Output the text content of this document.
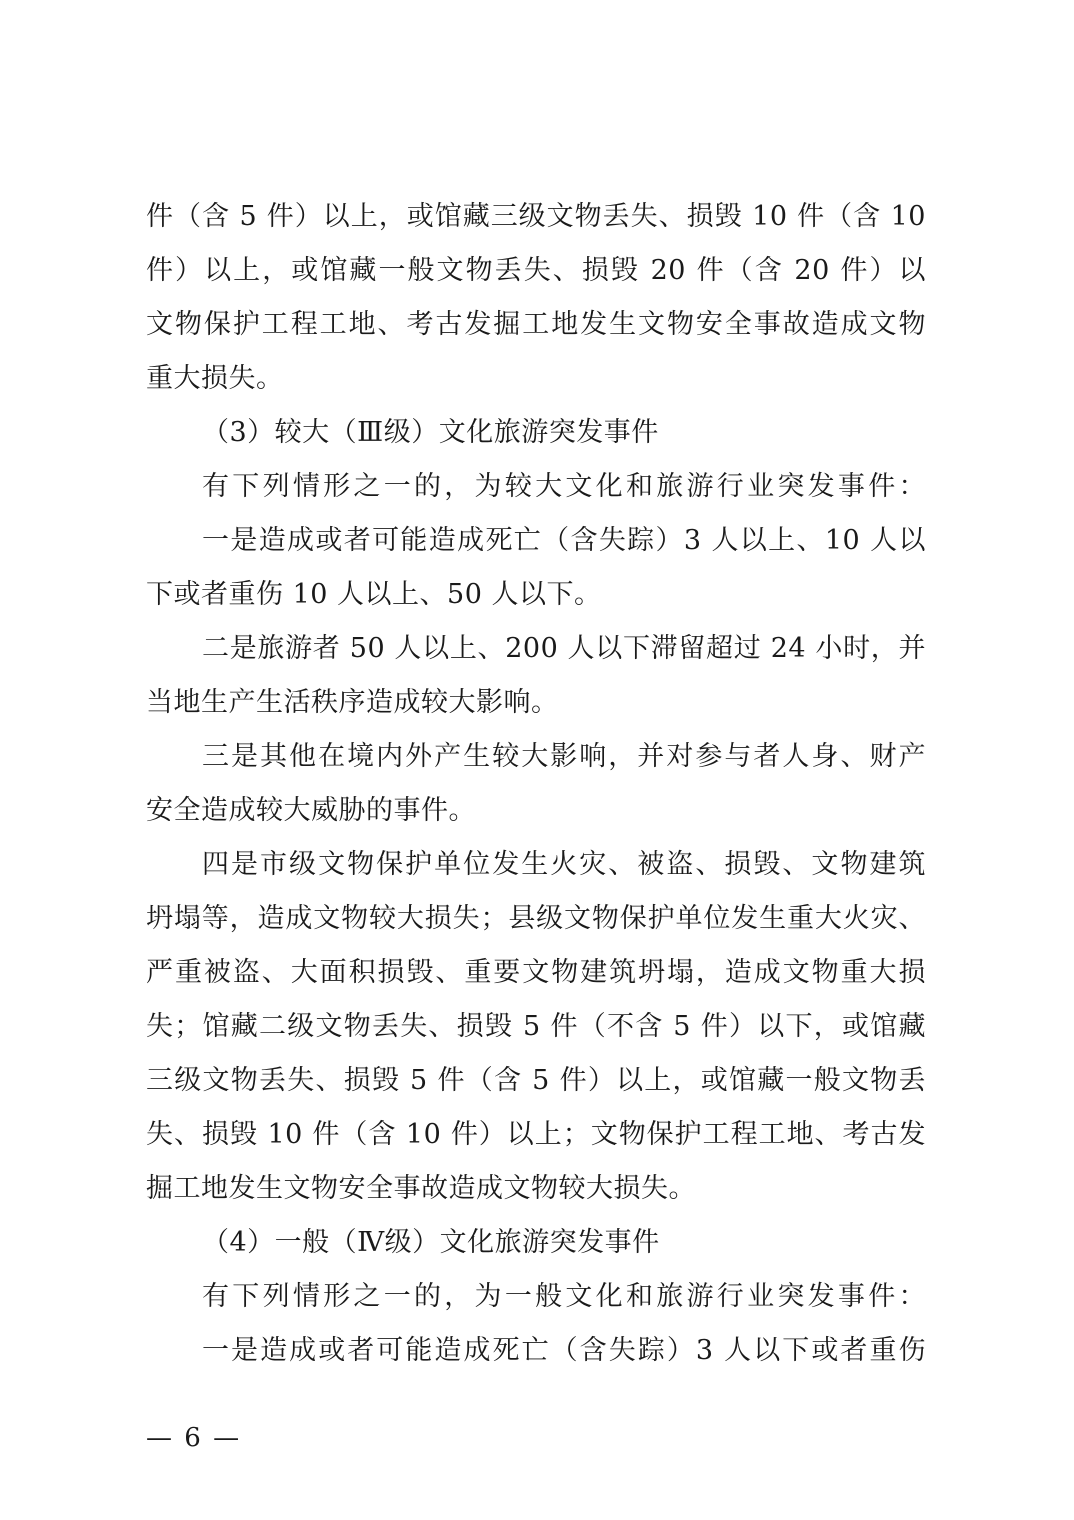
件（含 5 件）以上，或馆藏三级文物丢失、损毁 10 件（含 10
件）以上，或馆藏一般文物丢失、损毁 20 件（含 20 件）以
文物保护工程工地、考古发掘工地发生文物安全事故造成文物
重大损失。
（3）较大（Ⅲ级）文化旅游突发事件
有下列情形之一的，为较大文化和旅游行业突发事件：
一是造成或者可能造成死亡（含失踪）3 人以上、10 人以
下或者重伤 10 人以上、50 人以下。
二是旅游者 50 人以上、200 人以下滞留超过 24 小时，并
当地生产生活秩序造成较大影响。
三是其他在境内外产生较大影响，并对参与者人身、财产
安全造成较大威胁的事件。
四是市级文物保护单位发生火灾、被盗、损毁、文物建筑
坍塌等，造成文物较大损失；县级文物保护单位发生重大火灾、
严重被盗、大面积损毁、重要文物建筑坍塌，造成文物重大损
失；馆藏二级文物丢失、损毁 5 件（不含 5 件）以下，或馆藏
三级文物丢失、损毁 5 件（含 5 件）以上，或馆藏一般文物丢
失、损毁 10 件（含 10 件）以上；文物保护工程工地、考古发
掘工地发生文物安全事故造成文物较大损失。
（4）一般（Ⅳ级）文化旅游突发事件
有下列情形之一的，为一般文化和旅游行业突发事件：
一是造成或者可能造成死亡（含失踪）3 人以下或者重伤
— 6 —
